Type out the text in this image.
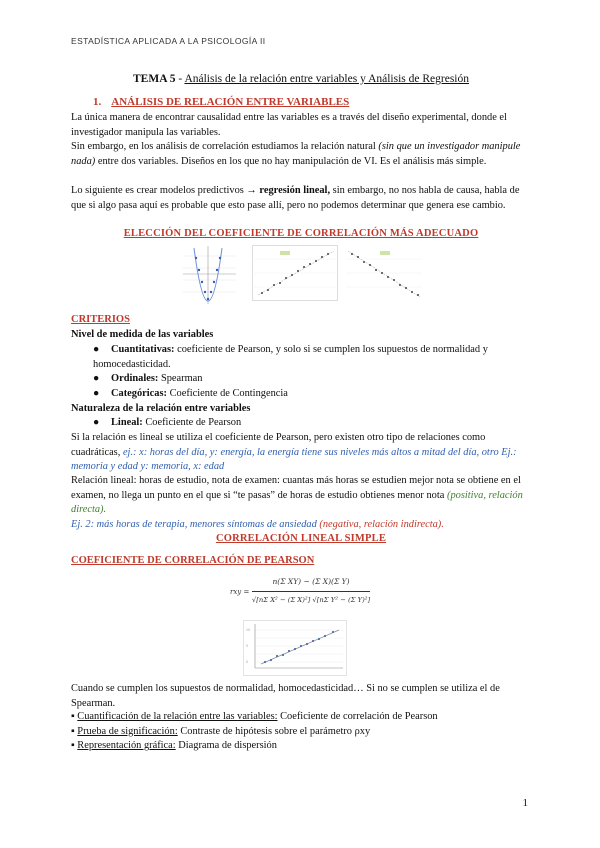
ESTADÍSTICA APLICADA A LA PSICOLOGÍA II
TEMA 5 - Análisis de la relación entre variables y Análisis de Regresión
1. ANÁLISIS DE RELACIÓN ENTRE VARIABLES
La única manera de encontrar causalidad entre las variables es a través del diseño experimental, donde el investigador manipula las variables.
Sin embargo, en los análisis de correlación estudiamos la relación natural (sin que un investigador manipule nada) entre dos variables. Diseños en los que no hay manipulación de VI. Es el análisis más simple.
Lo siguiente es crear modelos predictivos → regresión lineal, sin embargo, no nos habla de causa, habla de que si algo pasa aquí es probable que esto pase allí, pero no podemos determinar que genera ese cambio.
ELECCIÓN DEL COEFICIENTE DE CORRELACIÓN MÁS ADECUADO
CRITERIOS
Nivel de medida de las variables
● Cuantitativas: coeficiente de Pearson, y solo si se cumplen los supuestos de normalidad y homocedasticidad.
● Ordinales: Spearman
● Categóricas: Coeficiente de Contingencia
Naturaleza de la relación entre variables
● Lineal: Coeficiente de Pearson
Si la relación es lineal se utiliza el coeficiente de Pearson, pero existen otro tipo de relaciones como cuadráticas, ej.: x: horas del día, y: energía, la energía tiene sus niveles más altos a mitad del día, otro Ej.: memoria y edad y: memoria, x: edad
Relación lineal: horas de estudio, nota de examen: cuantas más horas se estudien mejor nota se obtiene en el examen, no llega un punto en el que si “te pasas” de horas de estudio obtienes menor nota (positiva, relación directa).
Ej. 2: más horas de terapia, menores síntomas de ansiedad (negativa, relación indirecta).
CORRELACIÓN LINEAL SIMPLE
COEFICIENTE DE CORRELACIÓN DE PEARSON
rxy =
n(Σ XY) − (Σ X)(Σ Y)
√[nΣ X² − (Σ X)²] √[nΣ Y² − (Σ Y)²]
10
5
0
Cuando se cumplen los supuestos de normalidad, homocedasticidad… Si no se cumplen se utiliza el de Spearman.
▪ Cuantificación de la relación entre las variables: Coeficiente de correlación de Pearson
▪ Prueba de significación: Contraste de hipótesis sobre el parámetro ρxy
▪ Representación gráfica: Diagrama de dispersión
1
